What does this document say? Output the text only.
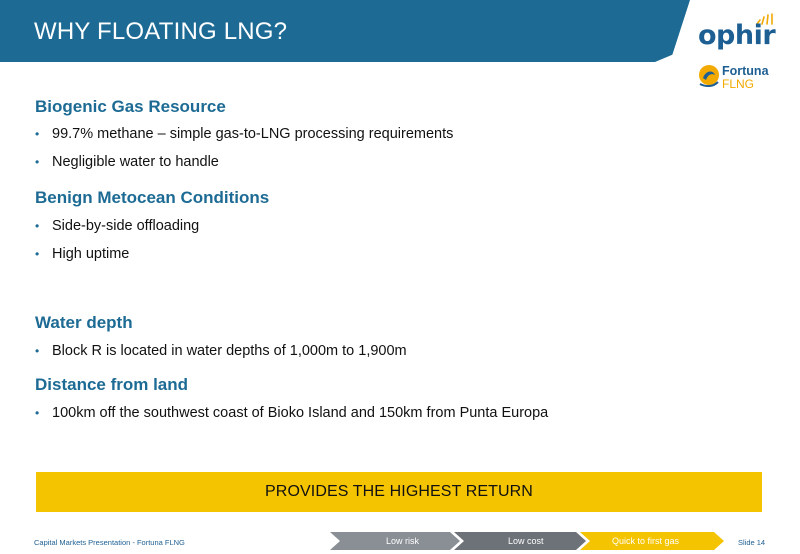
WHY FLOATING LNG?	ophir
Fortuna
FLNG
Biogenic Gas Resource
• 99.7% methane – simple gas-to-LNG processing requirements
• Negligible water to handle
Benign Metocean Conditions
• Side-by-side offloading
• High uptime
Water depth
• Block R is located in water depths of 1,000m to 1,900m
Distance from land
• 100km off the southwest coast of Bioko Island and 150km from Punta Europa
PROVIDES THE HIGHEST RETURN
Capital Markets Presentation - Fortuna FLNG	Low risk	Low cost	Quick to first gas	Slide 14
